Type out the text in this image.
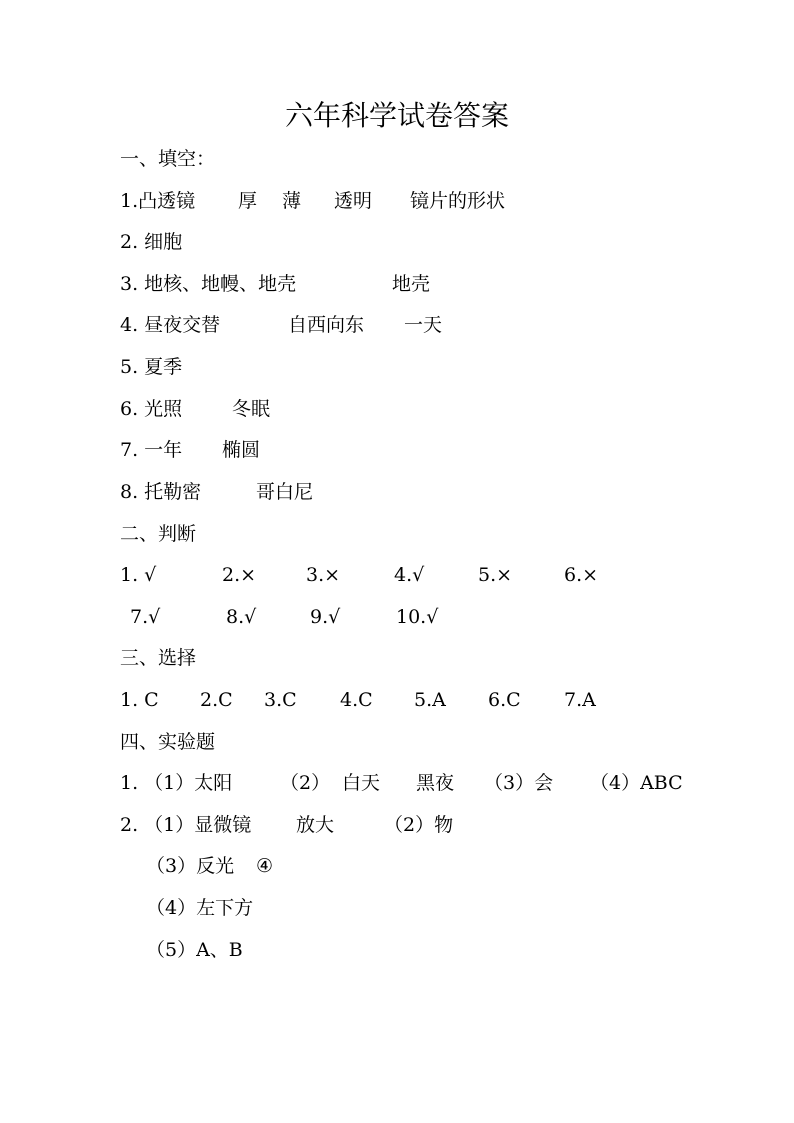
六年科学试卷答案
一、填空：
1.凸透镜 厚 薄 透明 镜片的形状
2. 细胞
3. 地核、地幔、地壳	地壳
4. 昼夜交替	自西向东 一天
5. 夏季
6. 光照	冬眠
7. 一年 椭圆
8. 托勒密	哥白尼
二、判断
1. √	2.×	3.×	4.√	5.×	6.×
7.√	8.√	9.√	10.√
三、选择
1. C 2.C 3.C 4.C 5.A 6.C 7.A
四、实验题
1. （1）太阳	（2） 白天 黑夜 （3）会 （4）ABC
2. （1）显微镜 放大	（2）物
（3）反光 ④
（4）左下方
（5）A、B
